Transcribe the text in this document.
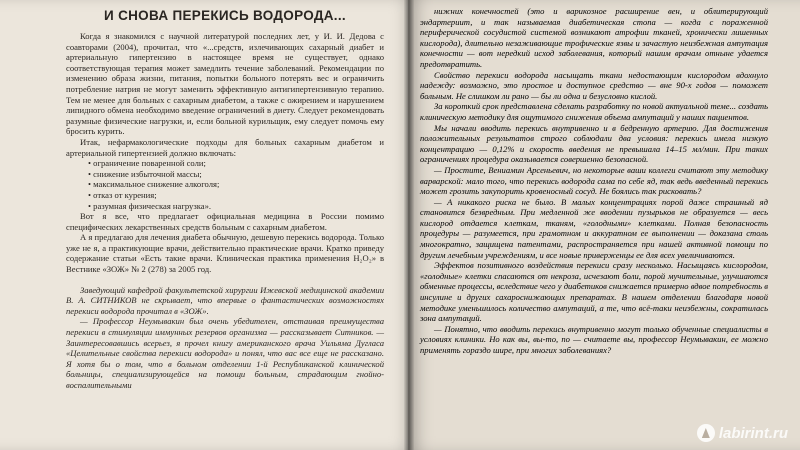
И СНОВА ПЕРЕКИСЬ ВОДОРОДА...

Когда я знакомился с научной литературой последних лет, у И. И. Дедова с соавторами (2004), прочитал, что «...средств, излечивающих сахарный диабет и артериальную гипертензию в настоящее время не существует, однако соответствующая терапия может замедлить течение заболеваний. Рекомендации по изменению образа жизни, питания, попытки больного потерять вес и ограничить потребление натрия не могут заменить эффективную антигипертензивную терапию. Тем не менее для больных с сахарным диабетом, а также с ожирением и нарушением липидного обмена необходимо введение ограничений в диету. Следует рекомендовать разумные физические нагрузки, и, если больной курильщик, ему следует помочь ему бросить курить.

Итак, нефармакологические подходы для больных сахарным диабетом и артериальной гипертензией должно включать:

• ограничение поваренной соли;
• снижение избыточной массы;
• максимальное снижение алкоголя;
• отказ от курения;
• разумная физическая нагрузка».

Вот я все, что предлагает официальная медицина в России помимо специфических лекарственных средств больным с сахарным диабетом.

А я предлагаю для лечения диабета обычную, дешевую перекись водорода. Только уже не я, а практикующие врачи, действительно практические врачи. Кратко приведу содержание статьи «Есть такие врачи. Клиническая практика применения H₂O₂» в Вестнике «ЗОЖ» № 2 (278) за 2005 год.

Заведующий кафедрой факультетской хирургии Ижевской медицинской академии В. А. СИТНИКОВ не скрывает, что впервые о фантастических возможностях перекиси водорода прочитал в «ЗОЖ».

— Профессор Неумывакин был очень убедителен, отстаивая преимущества перекиси в стимуляции иммунных резервов организма — рассказывает Ситников. — Заинтересовавшись всерьез, я прочел книгу американского врача Уильяма Дугласа «Целительные свойства перекиси водорода» и понял, что вас все еще не рассказано. Я хотя бы о том, что в больном отделении 1-й Республиканской клинической больницы, специализирующейся на помощи больным, страдающим гнойно-воспалительными

нижних конечностей (это и варикозное расширение вен, и облитерирующий эндартериит, и так называемая диабетическая стопа — когда с пораженной периферической сосудистой системой возникают атрофии тканей, хронически лишенных кислорода), длительно незаживающие трофические язвы и зачастую неизбежная ампутация конечности — вот нередкий исход заболевания, который нашим врачам отныне удается предотвратить.

Свойство перекиси водорода насыщать ткани недостающим кислородом вдохнуло надежду: возможно, это простое и доступное средство — вне 90-х годов — поможет больным. Не слишком ли рано — бы ли одна и безусловно кислой.

За короткий срок представлена сделать разработку по новой актуальной теме... создать клиническую методику для ощутимого снижения объема ампутаций у наших пациентов.

Мы начали вводить перекись внутривенно и в бедренную артерию. Для достижения положительных результатов строго соблюдали два условия: перекись имела низкую концентрацию — 0,12% и скорость введения не превышала 14–15 мл/мин. При таких ограничениях процедура оказывается совершенно безопасной.

— Простите, Вениамин Арсеньевич, но некоторые ваши коллеги считают эту методику варварской: мало того, что перекись водорода сама по себе яд, так ведь введенный перекись может грозить закупорить кровеносный сосуд. Не боялись так рисковать?

— А никакого риска не было. В малых концентрациях порой даже страшный яд становится безвредным. При медленной же вводении пузырьков не образуется — весь кислород отдается клеткам, тканям, «голодными» клетками. Полная безопасность процедуры — разумеется, при грамотном и аккуратном ее выполнении — доказана столь многократно, защищена патентами, распространяется при нашей активной помощи по другим лечебным учреждениям, и все новые приверженцы ее для всех увеличиваются.

Эффектов позитивного воздействия перекиси сразу несколько. Насыщаясь кислородом, «голодные» клетки спасаются от некроза, исчезают боли, порой мучительные, улучшаются обменные процессы, вследствие чего у диабетиков снижается примерно вдвое потребность в инсулине и других сахароснижающих препаратах. В нашем отделении благодаря новой методике уменьшилось количество ампутаций, а те, что всё-таки неизбежны, сократилась зона ампутаций.

— Понятно, что вводить перекись внутривенно могут только обученные специалисты в условиях клиники. Но как вы, вы-то, по — считаете вы, профессор Неумывакин, ее можно применять гораздо шире, при многих заболеваниях?

labirint.ru
